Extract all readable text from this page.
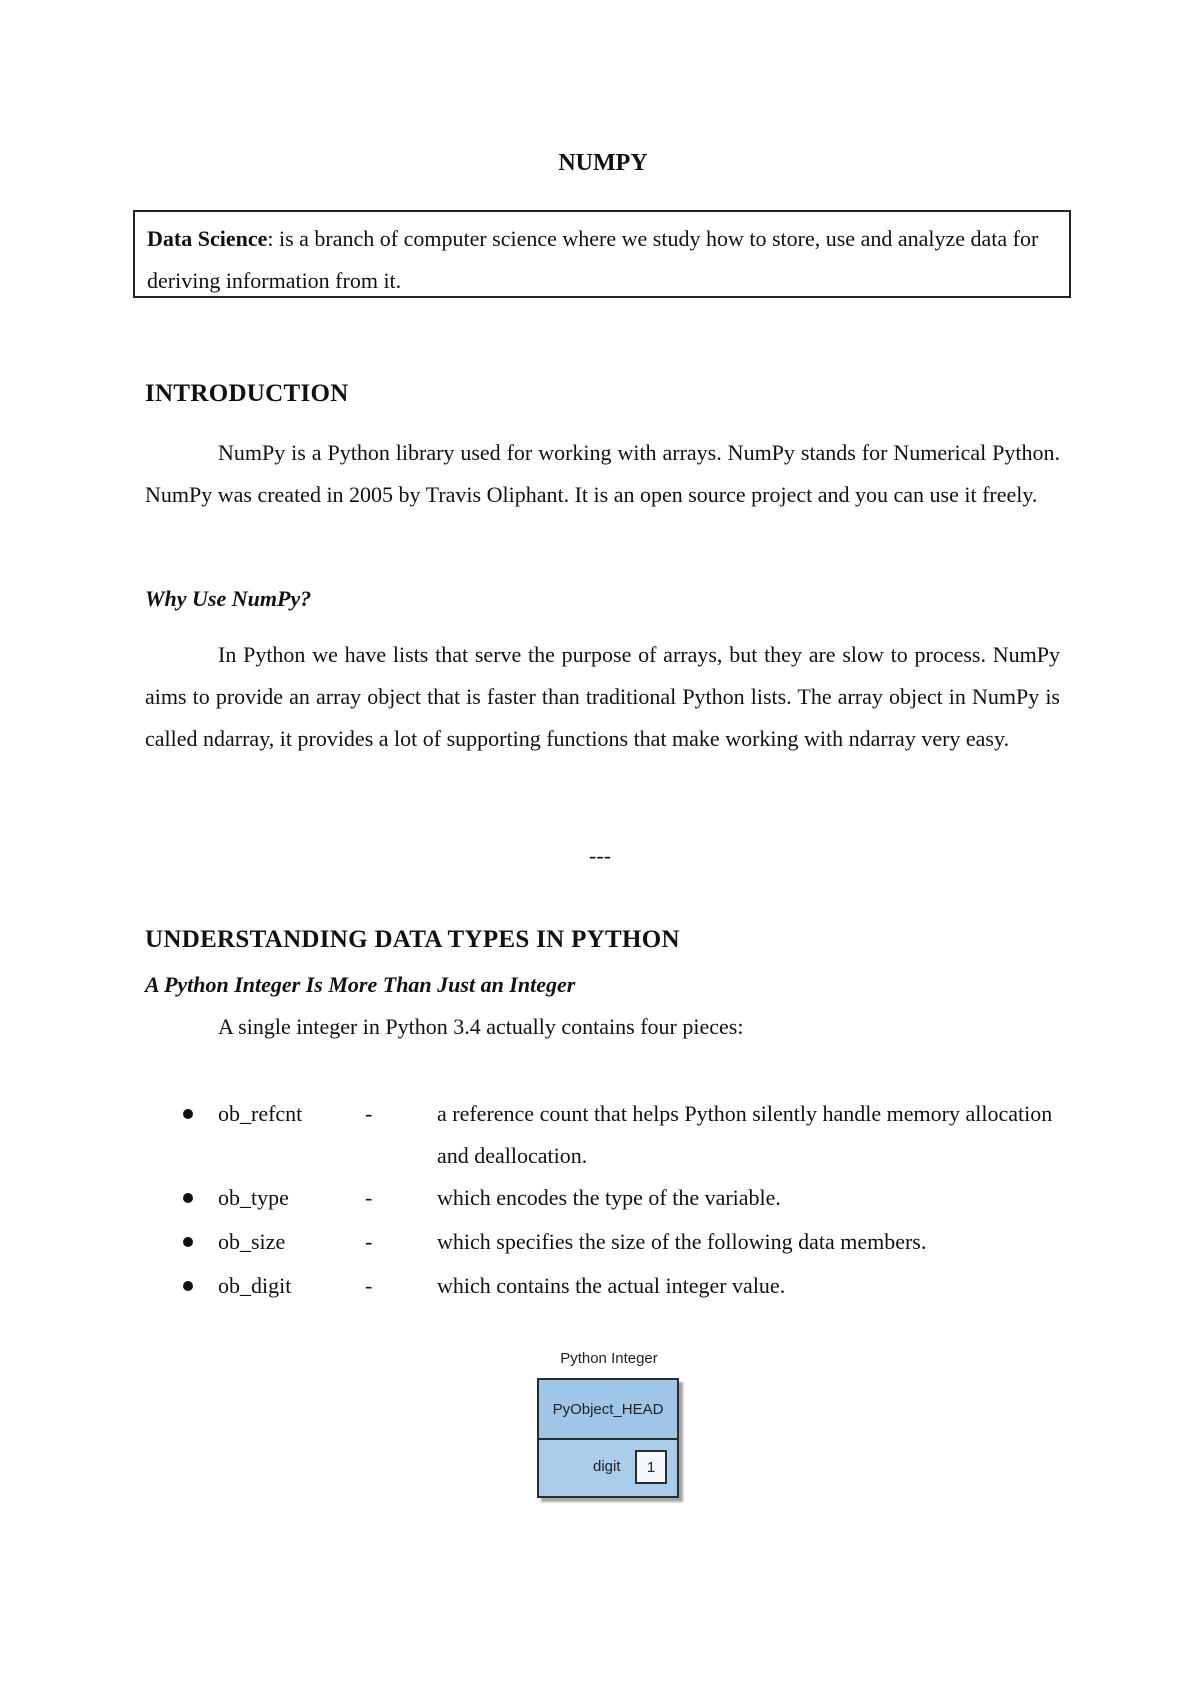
NUMPY
Data Science: is a branch of computer science where we study how to store, use and analyze data for deriving information from it.
INTRODUCTION

NumPy is a Python library used for working with arrays. NumPy stands for Numerical Python. NumPy was created in 2005 by Travis Oliphant. It is an open source project and you can use it freely.

Why Use NumPy?

In Python we have lists that serve the purpose of arrays, but they are slow to process. NumPy aims to provide an array object that is faster than traditional Python lists. The array object in NumPy is called ndarray, it provides a lot of supporting functions that make working with ndarray very easy.

---
UNDERSTANDING DATA TYPES IN PYTHON
A Python Integer Is More Than Just an Integer
A single integer in Python 3.4 actually contains four pieces:
ob_refcnt	-	a reference count that helps Python silently handle memory allocation and deallocation.
ob_type	-	which encodes the type of the variable.
ob_size	-	which specifies the size of the following data members.
ob_digit	-	which contains the actual integer value.
Python Integer
PyObject_HEAD
digit	1
